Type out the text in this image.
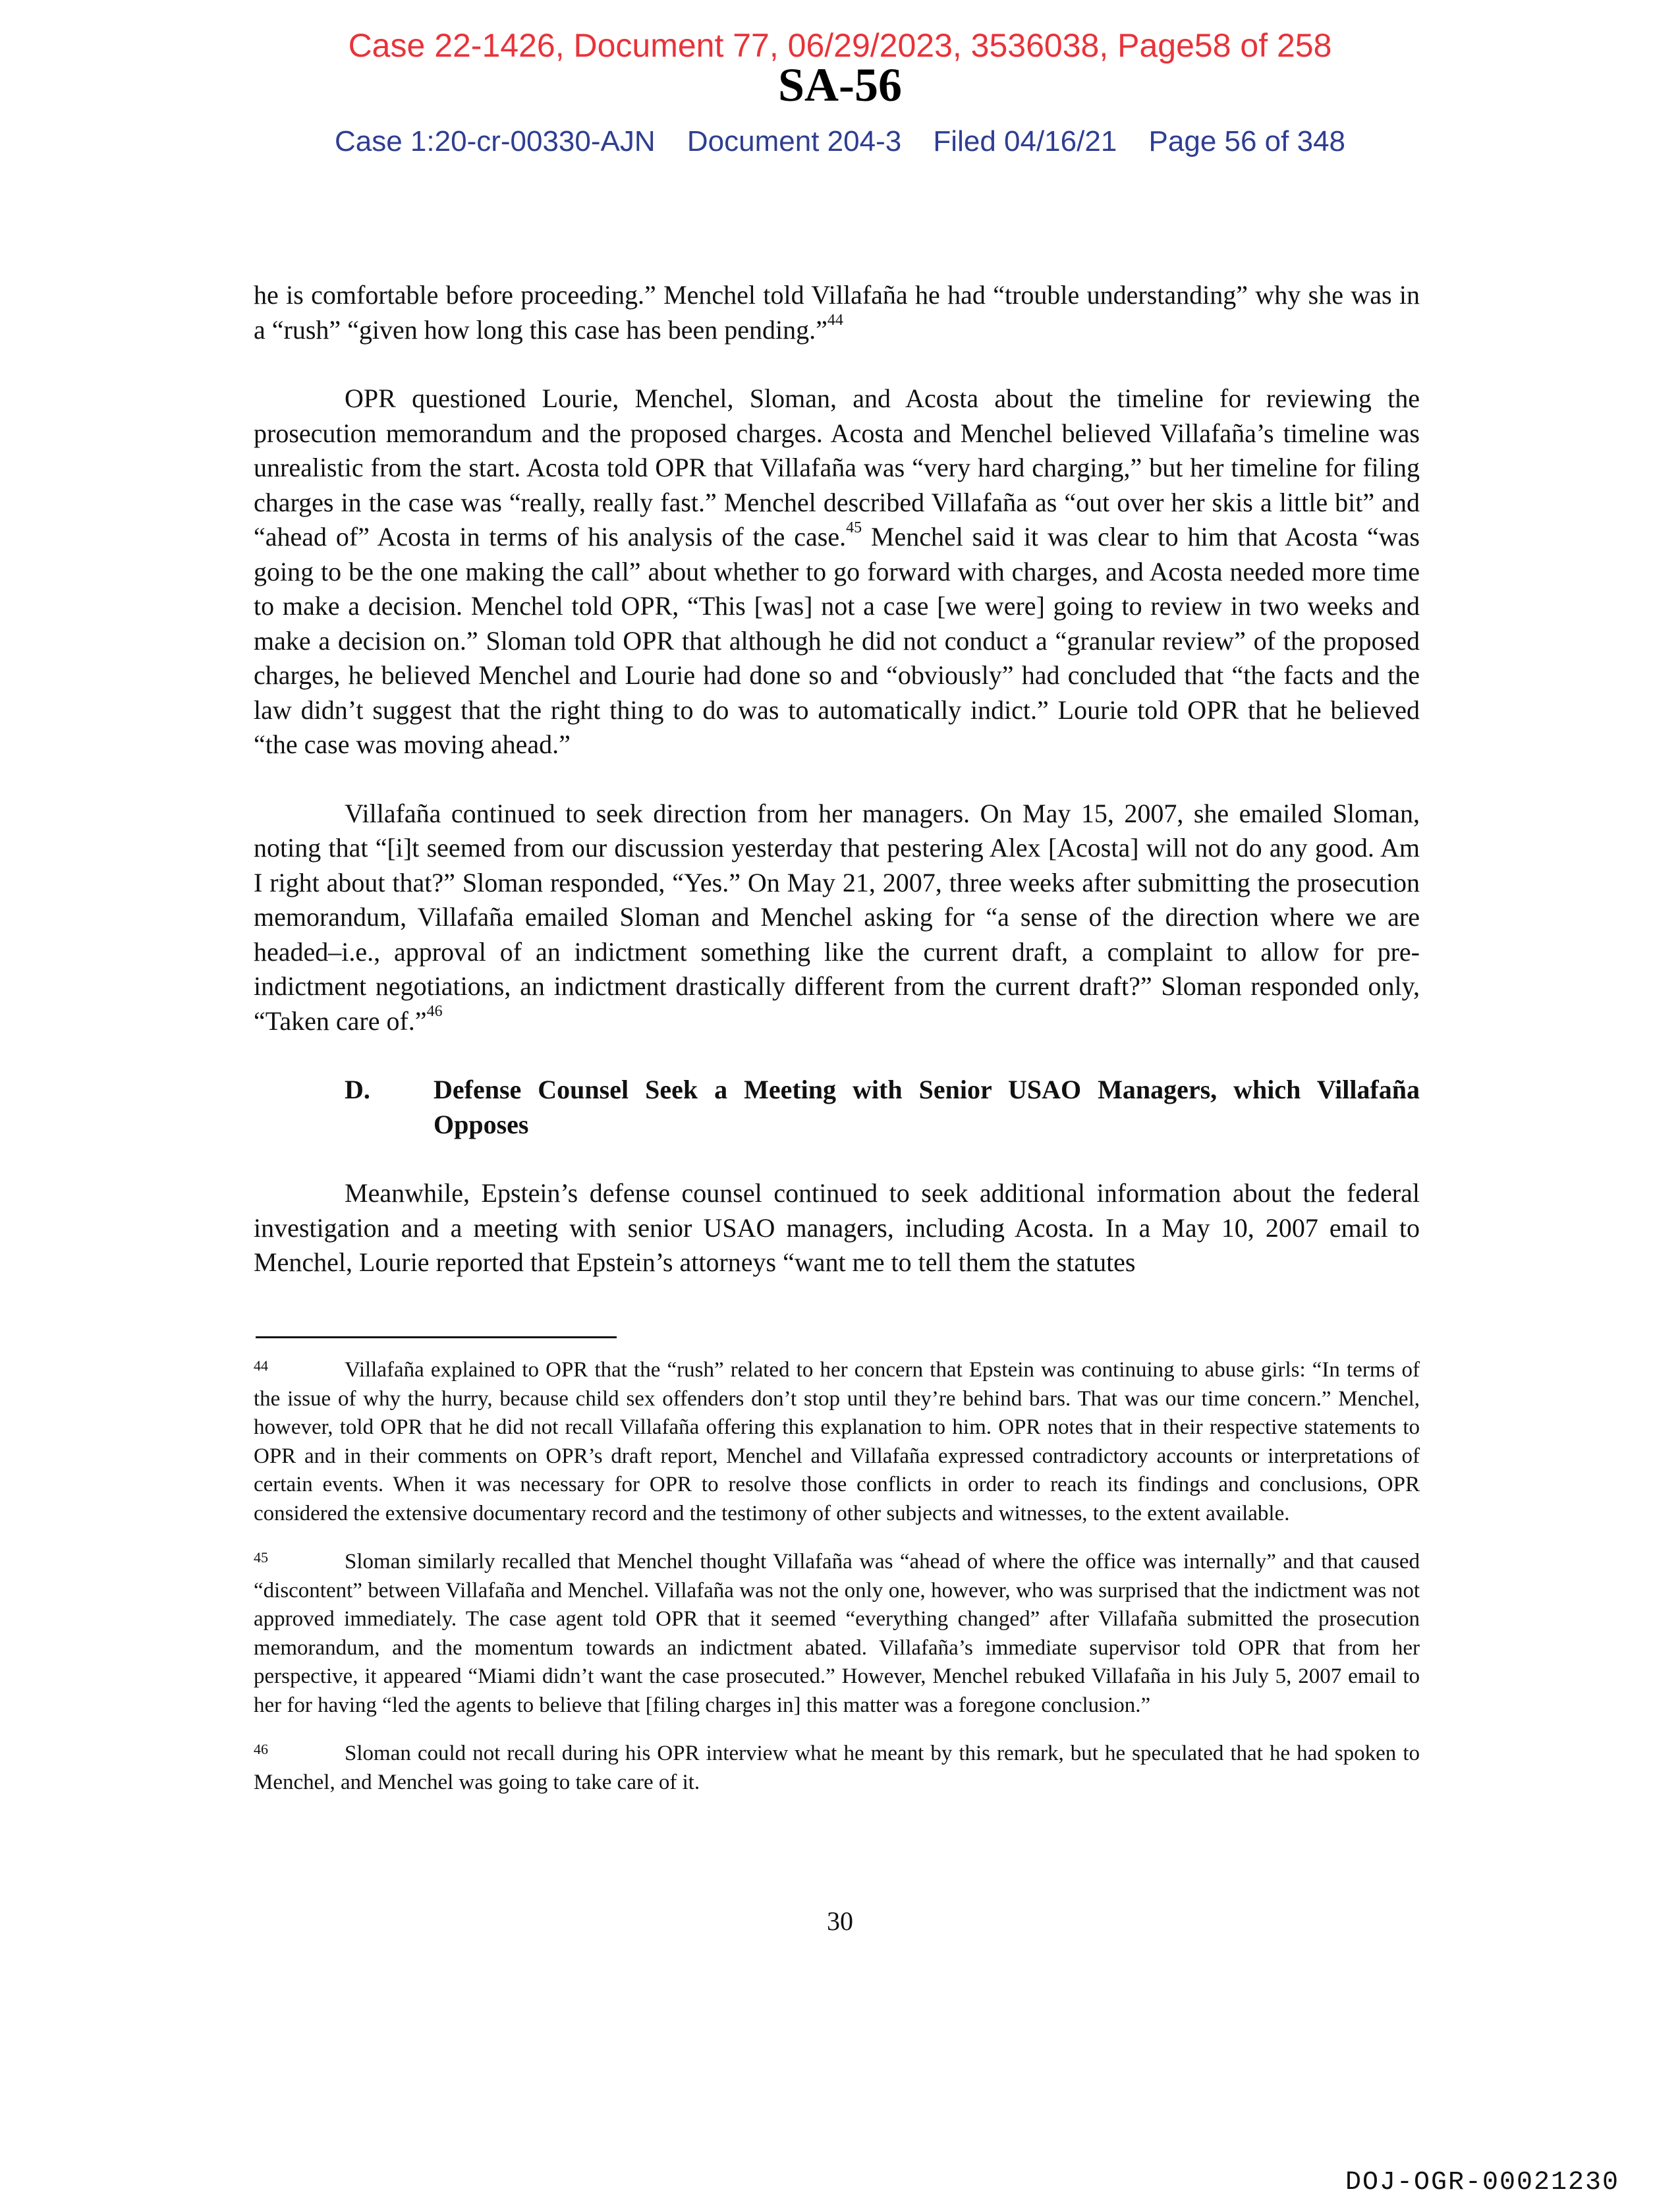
Case 22-1426, Document 77, 06/29/2023, 3536038, Page58 of 258
SA-56
Case 1:20-cr-00330-AJN Document 204-3 Filed 04/16/21 Page 56 of 348

he is comfortable before proceeding.” Menchel told Villafaña he had “trouble understanding” why she was in a “rush” “given how long this case has been pending.”$^{44}$

OPR questioned Lourie, Menchel, Sloman, and Acosta about the timeline for reviewing the prosecution memorandum and the proposed charges. Acosta and Menchel believed Villafaña’s timeline was unrealistic from the start. Acosta told OPR that Villafaña was “very hard charging,” but her timeline for filing charges in the case was “really, really fast.” Menchel described Villafaña as “out over her skis a little bit” and “ahead of” Acosta in terms of his analysis of the case.$^{45}$ Menchel said it was clear to him that Acosta “was going to be the one making the call” about whether to go forward with charges, and Acosta needed more time to make a decision. Menchel told OPR, “This [was] not a case [we were] going to review in two weeks and make a decision on.” Sloman told OPR that although he did not conduct a “granular review” of the proposed charges, he believed Menchel and Lourie had done so and “obviously” had concluded that “the facts and the law didn’t suggest that the right thing to do was to automatically indict.” Lourie told OPR that he believed “the case was moving ahead.”

Villafaña continued to seek direction from her managers. On May 15, 2007, she emailed Sloman, noting that “[i]t seemed from our discussion yesterday that pestering Alex [Acosta] will not do any good. Am I right about that?” Sloman responded, “Yes.” On May 21, 2007, three weeks after submitting the prosecution memorandum, Villafaña emailed Sloman and Menchel asking for “a sense of the direction where we are headed–i.e., approval of an indictment something like the current draft, a complaint to allow for pre-indictment negotiations, an indictment drastically different from the current draft?” Sloman responded only, “Taken care of.”$^{46}$

D.	Defense Counsel Seek a Meeting with Senior USAO Managers, which Villafaña Opposes

Meanwhile, Epstein’s defense counsel continued to seek additional information about the federal investigation and a meeting with senior USAO managers, including Acosta. In a May 10, 2007 email to Menchel, Lourie reported that Epstein’s attorneys “want me to tell them the statutes

44	Villafaña explained to OPR that the “rush” related to her concern that Epstein was continuing to abuse girls: “In terms of the issue of why the hurry, because child sex offenders don’t stop until they’re behind bars. That was our time concern.” Menchel, however, told OPR that he did not recall Villafaña offering this explanation to him. OPR notes that in their respective statements to OPR and in their comments on OPR’s draft report, Menchel and Villafaña expressed contradictory accounts or interpretations of certain events. When it was necessary for OPR to resolve those conflicts in order to reach its findings and conclusions, OPR considered the extensive documentary record and the testimony of other subjects and witnesses, to the extent available.
45	Sloman similarly recalled that Menchel thought Villafaña was “ahead of where the office was internally” and that caused “discontent” between Villafaña and Menchel. Villafaña was not the only one, however, who was surprised that the indictment was not approved immediately. The case agent told OPR that it seemed “everything changed” after Villafaña submitted the prosecution memorandum, and the momentum towards an indictment abated. Villafaña’s immediate supervisor told OPR that from her perspective, it appeared “Miami didn’t want the case prosecuted.” However, Menchel rebuked Villafaña in his July 5, 2007 email to her for having “led the agents to believe that [filing charges in] this matter was a foregone conclusion.”
46	Sloman could not recall during his OPR interview what he meant by this remark, but he speculated that he had spoken to Menchel, and Menchel was going to take care of it.
30
DOJ-OGR-00021230
